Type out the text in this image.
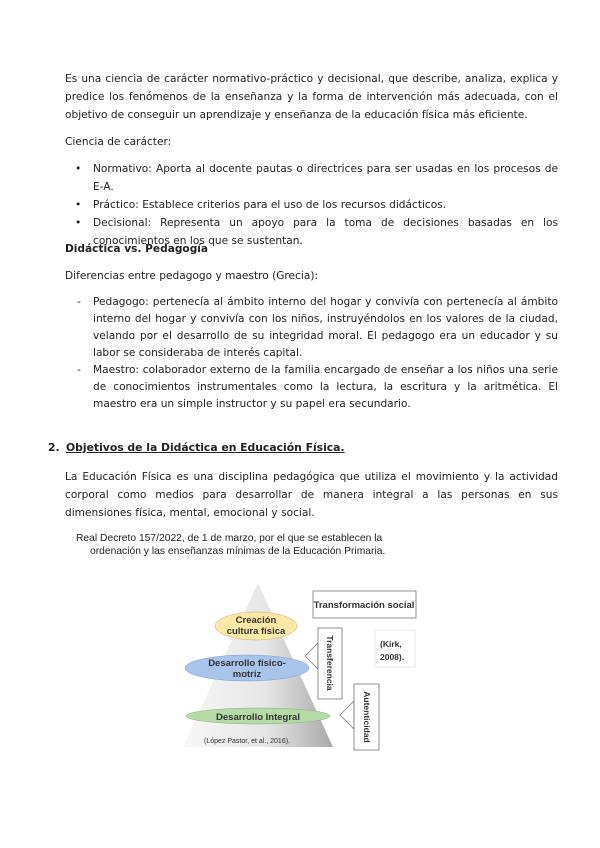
Es una ciencia de carácter normativo-práctico y decisional, que describe, analiza, explica y predice los fenómenos de la enseñanza y la forma de intervención más adecuada, con el objetivo de conseguir un aprendizaje y enseñanza de la educación física más eficiente.
Ciencia de carácter:
• Normativo: Aporta al docente pautas o directrices para ser usadas en los procesos de E-A.
• Práctico: Establece criterios para el uso de los recursos didácticos.
• Decisional: Representa un apoyo para la toma de decisiones basadas en los conocimientos en los que se sustentan.
Didáctica vs. Pedagogía
Diferencias entre pedagogo y maestro (Grecia):
- Pedagogo: pertenecía al ámbito interno del hogar y convivía con pertenecía al ámbito interno del hogar y convivía con los niños, instruyéndolos en los valores de la ciudad, velando por el desarrollo de su integridad moral. El pedagogo era un educador y su labor se consideraba de interés capital.
- Maestro: colaborador externo de la familia encargado de enseñar a los niños una serie de conocimientos instrumentales como la lectura, la escritura y la aritmética. El maestro era un simple instructor y su papel era secundario.
2. Objetivos de la Didáctica en Educación Física.
La Educación Física es una disciplina pedagógica que utiliza el movimiento y la actividad corporal como medios para desarrollar de manera integral a las personas en sus dimensiones física, mental, emocional y social.
Real Decreto 157/2022, de 1 de marzo, por el que se establecen la
ordenación y las enseñanzas mínimas de la Educación Primaria.
Creación
cultura física
Desarrollo físico-
motriz
Desarrollo Integral
(López Pastor, et al., 2016).
Transformación social
Transferencia
Autenticidad
(Kirk,
2008).
